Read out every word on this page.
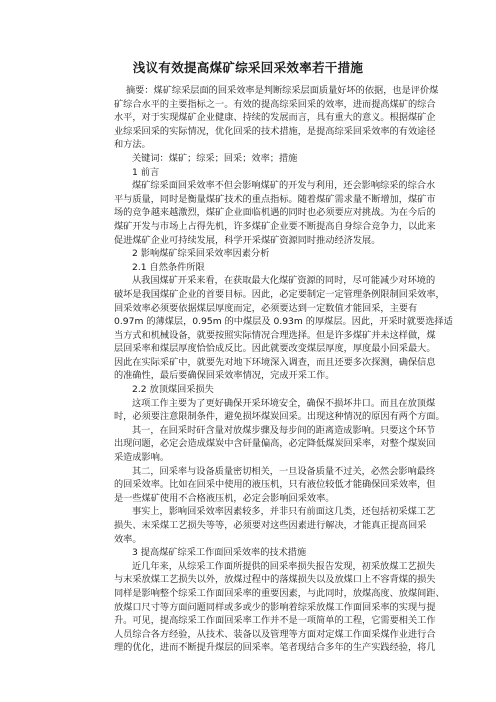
浅议有效提高煤矿综采回采效率若干措施

摘要：煤矿综采层面的回采效率是判断综采层面质量好坏的依据，也是评价煤

矿综合水平的主要指标之一。有效的提高综采回采的效率，进而提高煤矿的综合

水平，对于实现煤矿企业健康、持续的发展而言，具有重大的意义。根据煤矿企

业综采回采的实际情况，优化回采的技术措施，是提高综采回采效率的有效途径

和方法。

关键词：煤矿；综采；回采；效率；措施

1 前言

煤矿综采面回采效率不但会影响煤矿的开发与利用，还会影响综采的综合水

平与质量，同时是衡量煤矿技术的重点指标。随着煤矿需求量不断增加，煤矿市

场的竞争越来越激烈，煤矿企业面临机遇的同时也必须要应对挑战。为在今后的

煤矿开发与市场上占得先机，许多煤矿企业要不断提高自身综合竞争力，以此来

促进煤矿企业可持续发展，科学开采煤矿资源同时推动经济发展。

2 影响煤矿综采回采效率因素分析

2.1 自然条件所限

从我国煤矿开采来看，在获取最大化煤矿资源的同时，尽可能减少对环境的

破坏是我国煤矿企业的首要目标。因此，必定要制定一定管理条例限制回采效率，

回采效率必须要依据煤层厚度而定，必须要达到一定数值才能回采，主要有

0.97m 的薄煤层，0.95m 的中煤层及 0.93m 的厚煤层。因此，开采时就要选择适

当方式和机械设备，就要按照实际情况合理选择。但是许多煤矿并未这样做，煤

层回采率和煤层厚度恰恰成反比。因此就要改变煤层厚度，厚度最小回采最大。

因此在实际采矿中，就要先对地下环境深入调查，而且还要多次探测，确保信息

的准确性，最后要确保回采效率情况，完成开采工作。

2.2 放顶煤回采损失

这项工作主要为了更好确保开采环境安全，确保不损坏井口。而且在放顶煤

时，必须要注意限制条件，避免损坏煤炭回采。出现这种情况的原因有两个方面。

其一，在回采时矸含量对放煤步骤及每步间的距离造成影响。只要这个环节

出现问题，必定会造成煤炭中含矸量偏高，必定降低煤炭回采率，对整个煤炭回

采造成影响。

其二，回采率与设备质量密切相关，一旦设备质量不过关，必然会影响最终

的回采效率。比如在回采中使用的液压机，只有液位较低才能确保回采效率，但

是一些煤矿使用不合格液压机，必定会影响回采效率。

事实上，影响回采效率因素较多，并非只有前面这几类，还包括初采煤工艺

损失、末采煤工艺损失等等，必须要对这些因素进行解决，才能真正提高回采

效率。

3 提高煤矿综采工作面回采效率的技术措施

近几年来，从综采工作面所提供的回采率损失报告发现，初采放煤工艺损失

与末采放煤工艺损失以外，放煤过程中的落煤损失以及放煤口上不容背煤的损失

同样是影响整个综采工作面回采率的重要因素，与此同时，放煤高度、放煤间距、

放煤口尺寸等方面问题同样或多或少的影响着综采放煤工作面回采率的实现与提

升。可见，提高综采工作面回采率工作并不是一项简单的工程，它需要相关工作

人员综合各方经验，从技术、装备以及管理等方面对定煤工作面采煤作业进行合

理的优化，进而不断提升煤层的回采率。笔者现结合多年的生产实践经验，将几
